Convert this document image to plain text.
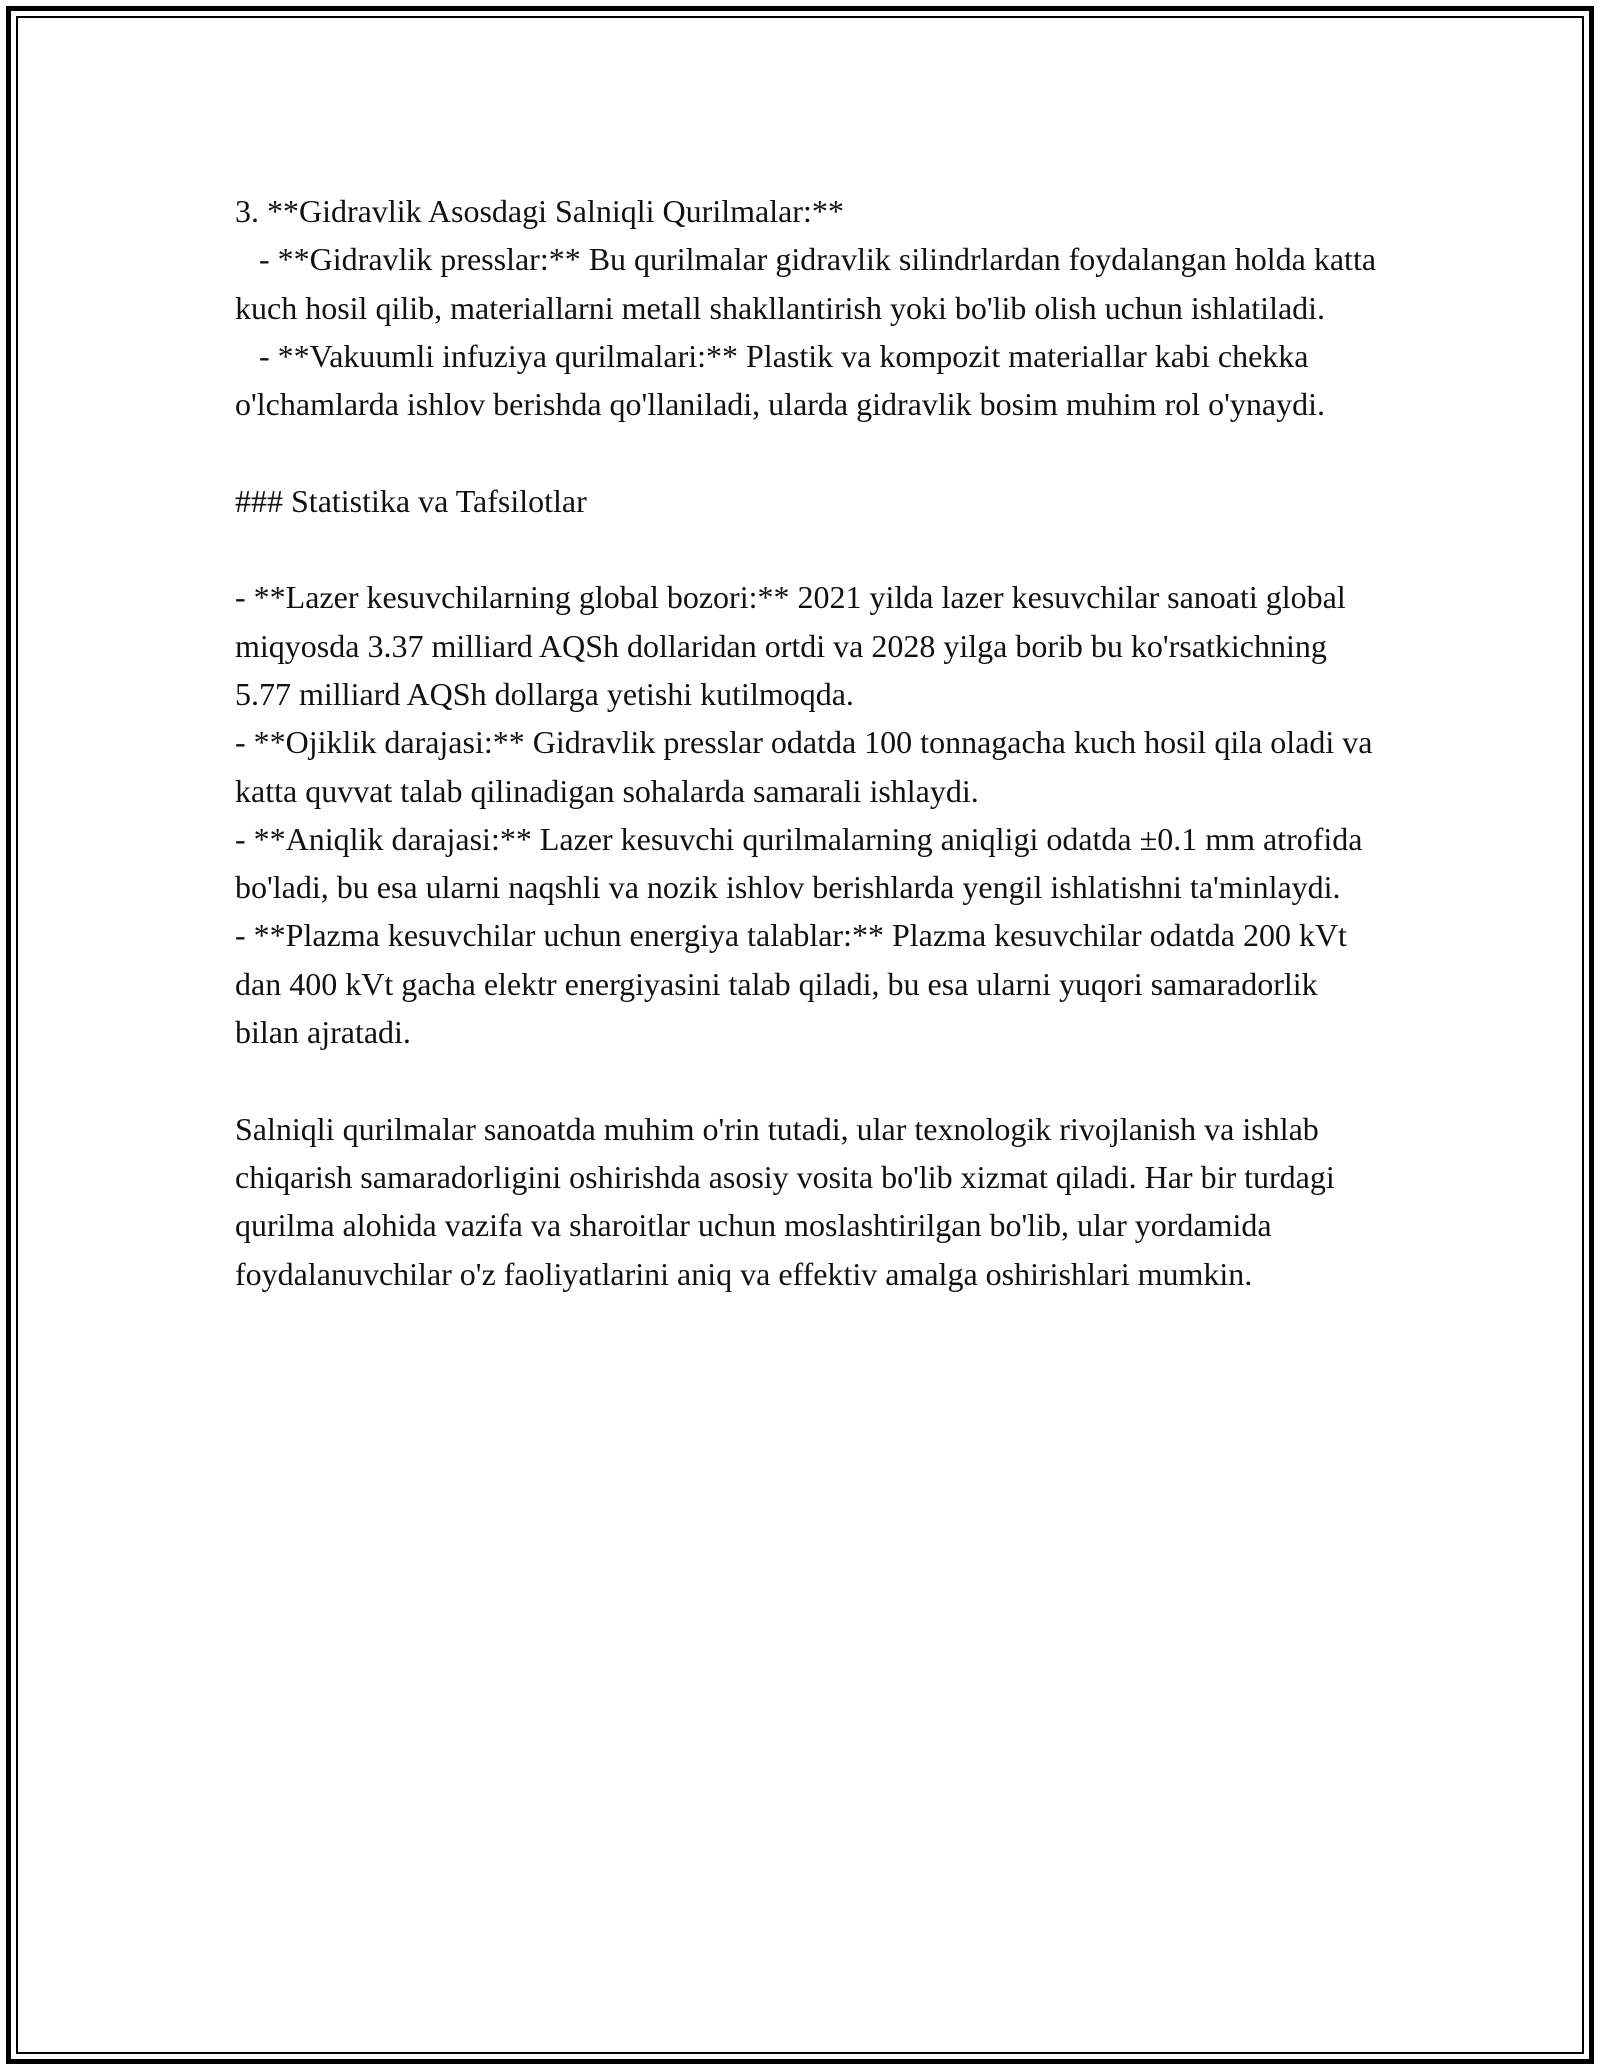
3. **Gidravlik Asosdagi Salniqli Qurilmalar:**

- **Gidravlik presslar:** Bu qurilmalar gidravlik silindrlardan foydalangan holda katta kuch hosil qilib, materiallarni metall shakllantirish yoki bo'lib olish uchun ishlatiladi.

- **Vakuumli infuziya qurilmalari:** Plastik va kompozit materiallar kabi chekka o'lchamlarda ishlov berishda qo'llaniladi, ularda gidravlik bosim muhim rol o'ynaydi.

### Statistika va Tafsilotlar

- **Lazer kesuvchilarning global bozori:** 2021 yilda lazer kesuvchilar sanoati global miqyosda 3.37 milliard AQSh dollaridan ortdi va 2028 yilga borib bu ko'rsatkichning 5.77 milliard AQSh dollarga yetishi kutilmoqda.

- **Ojiklik darajasi:** Gidravlik presslar odatda 100 tonnagacha kuch hosil qila oladi va katta quvvat talab qilinadigan sohalarda samarali ishlaydi.

- **Aniqlik darajasi:** Lazer kesuvchi qurilmalarning aniqligi odatda ±0.1 mm atrofida bo'ladi, bu esa ularni naqshli va nozik ishlov berishlarda yengil ishlatishni ta'minlaydi.

- **Plazma kesuvchilar uchun energiya talablar:** Plazma kesuvchilar odatda 200 kVt dan 400 kVt gacha elektr energiyasini talab qiladi, bu esa ularni yuqori samaradorlik bilan ajratadi.

Salniqli qurilmalar sanoatda muhim o'rin tutadi, ular texnologik rivojlanish va ishlab chiqarish samaradorligini oshirishda asosiy vosita bo'lib xizmat qiladi. Har bir turdagi qurilma alohida vazifa va sharoitlar uchun moslashtirilgan bo'lib, ular yordamida foydalanuvchilar o'z faoliyatlarini aniq va effektiv amalga oshirishlari mumkin.
